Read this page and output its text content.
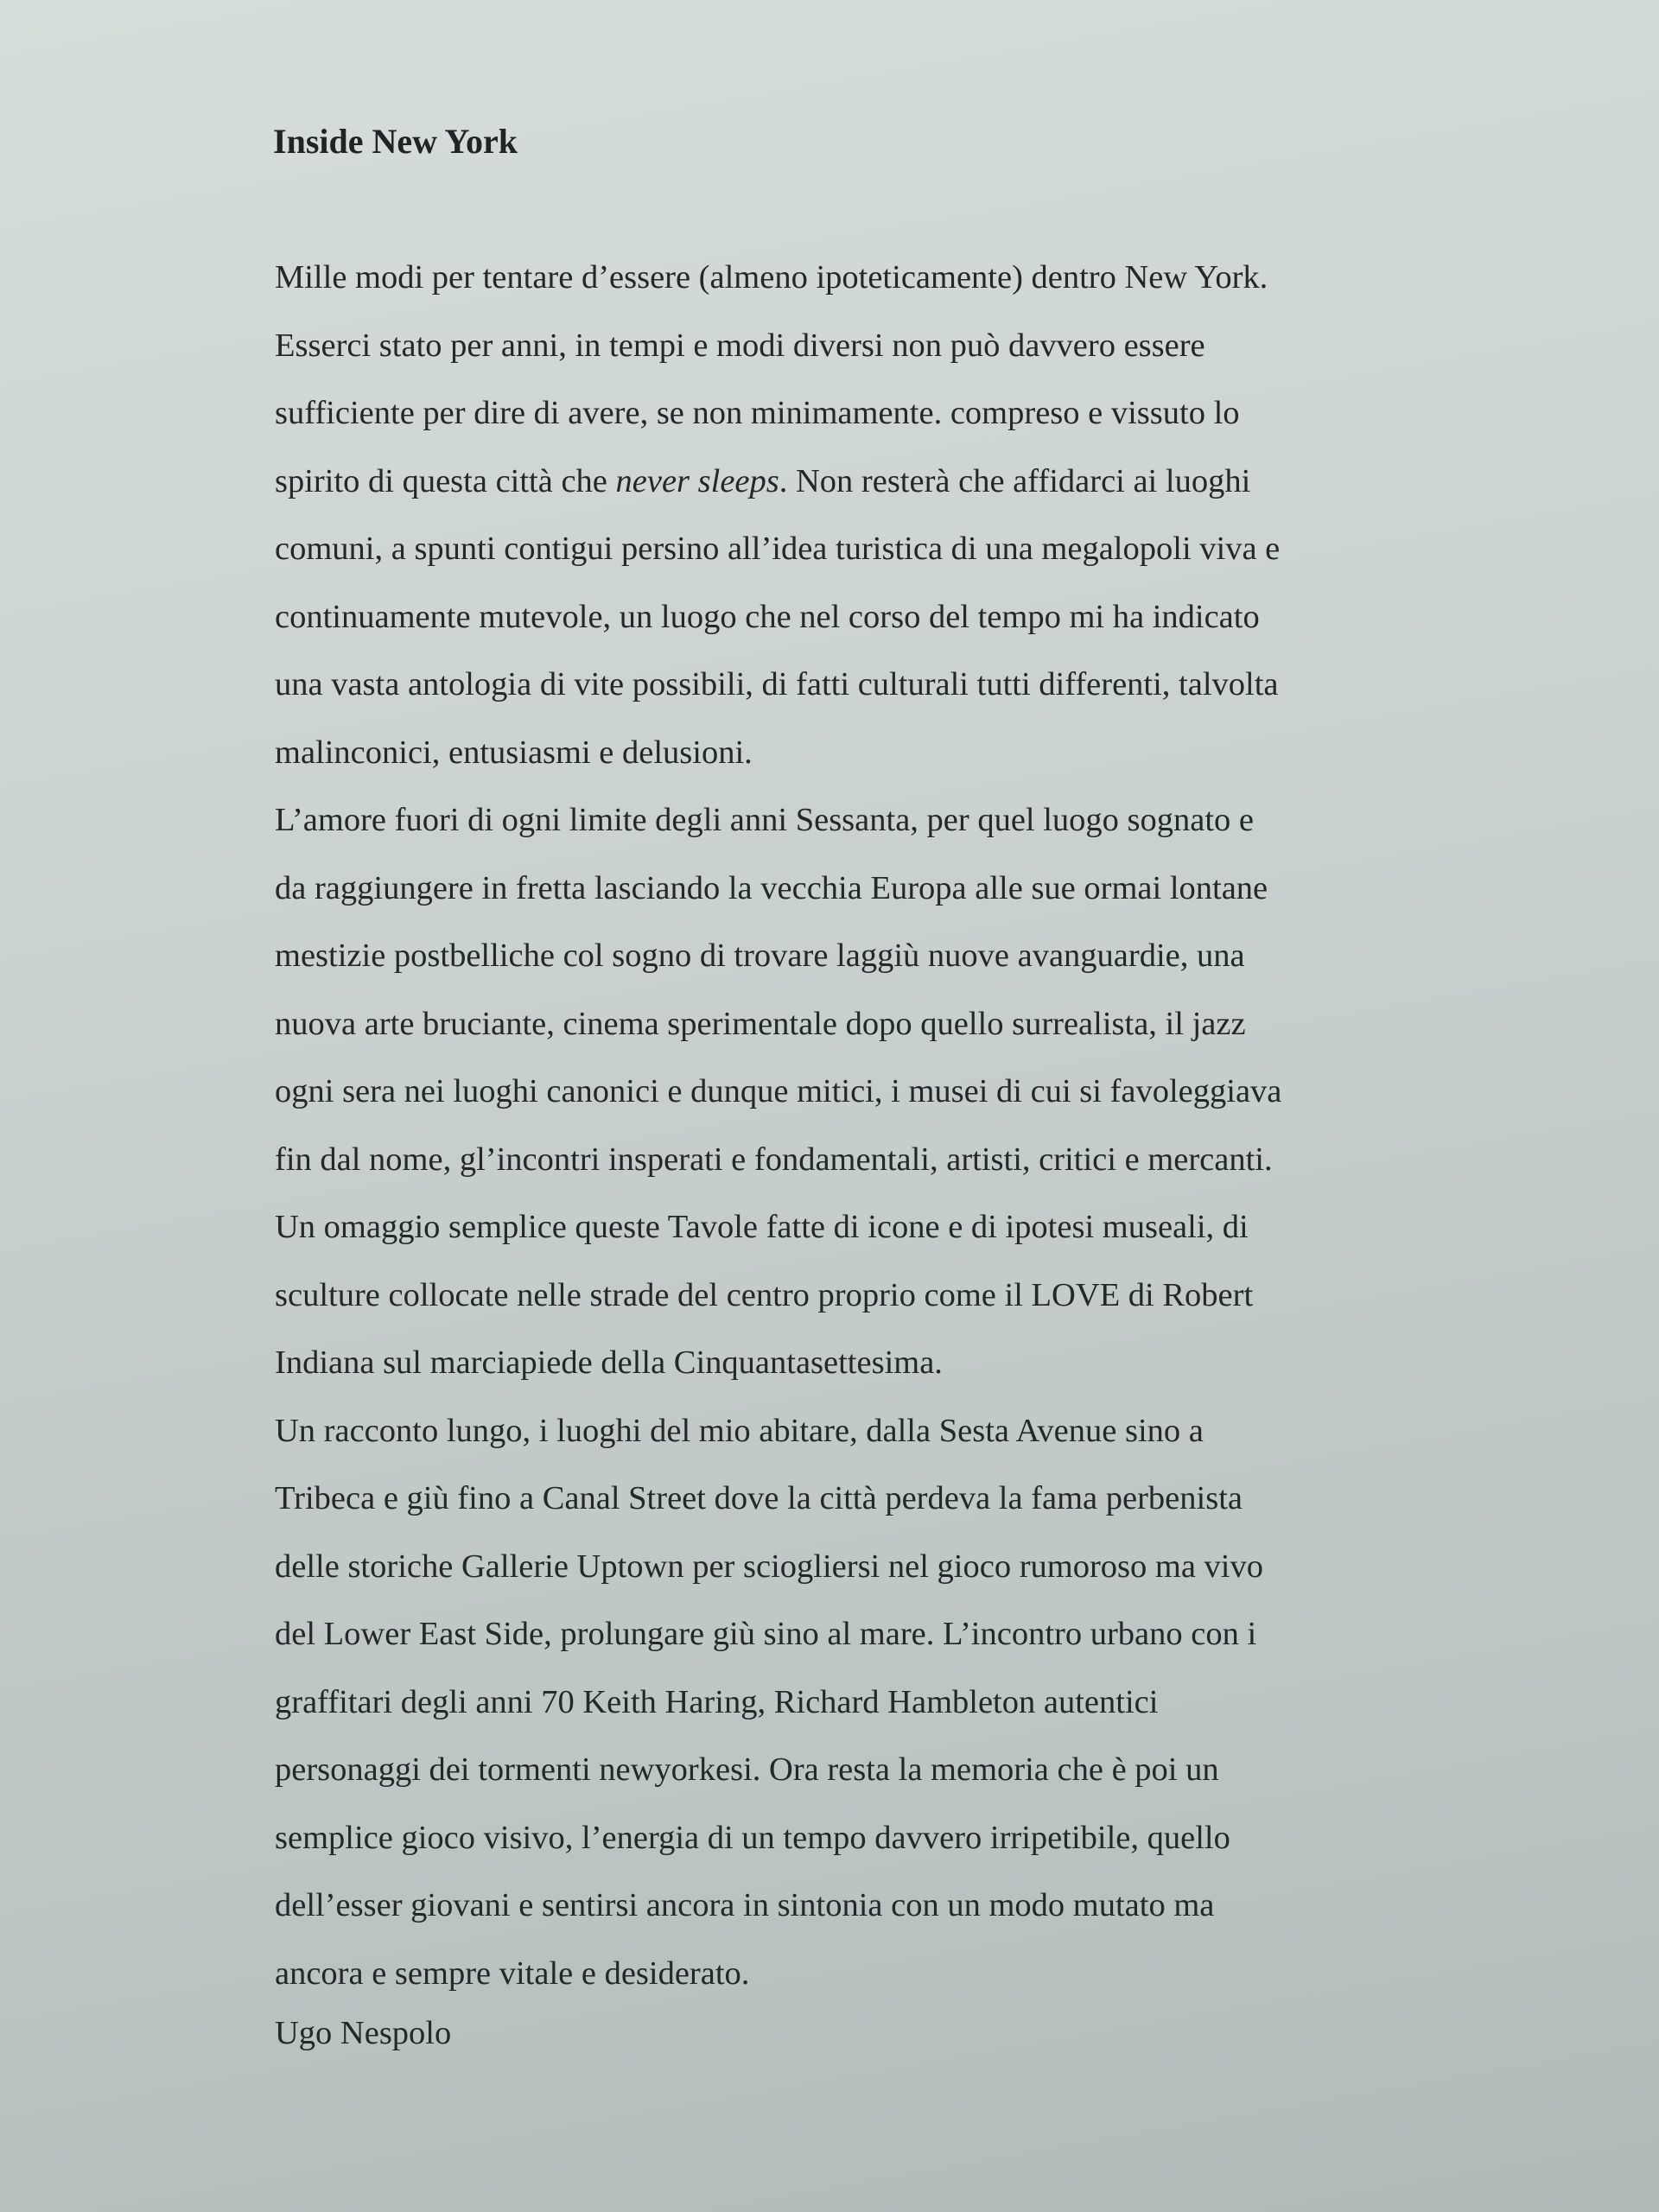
Inside New York

Mille modi per tentare d’essere (almeno ipoteticamente) dentro New York.
Esserci stato per anni, in tempi e modi diversi non può davvero essere
sufficiente per dire di avere, se non minimamente. compreso e vissuto lo
spirito di questa città che never sleeps. Non resterà che affidarci ai luoghi
comuni, a spunti contigui persino all’idea turistica di una megalopoli viva e
continuamente mutevole, un luogo che nel corso del tempo mi ha indicato
una vasta antologia di vite possibili, di fatti culturali tutti differenti, talvolta
malinconici, entusiasmi e delusioni.

L’amore fuori di ogni limite degli anni Sessanta, per quel luogo sognato e
da raggiungere in fretta lasciando la vecchia Europa alle sue ormai lontane
mestizie postbelliche col sogno di trovare laggiù nuove avanguardie, una
nuova arte bruciante, cinema sperimentale dopo quello surrealista, il jazz
ogni sera nei luoghi canonici e dunque mitici, i musei di cui si favoleggiava
fin dal nome, gl’incontri insperati e fondamentali, artisti, critici e mercanti.

Un omaggio semplice queste Tavole fatte di icone e di ipotesi museali, di
sculture collocate nelle strade del centro proprio come il LOVE di Robert
Indiana sul marciapiede della Cinquantasettesima.

Un racconto lungo, i luoghi del mio abitare, dalla Sesta Avenue sino a
Tribeca e giù fino a Canal Street dove la città perdeva la fama perbenista
delle storiche Gallerie Uptown per sciogliersi nel gioco rumoroso ma vivo
del Lower East Side, prolungare giù sino al mare. L’incontro urbano con i
graffitari degli anni 70 Keith Haring, Richard Hambleton autentici
personaggi dei tormenti newyorkesi. Ora resta la memoria che è poi un
semplice gioco visivo, l’energia di un tempo davvero irripetibile, quello
dell’esser giovani e sentirsi ancora in sintonia con un modo mutato ma
ancora e sempre vitale e desiderato.

Ugo Nespolo
